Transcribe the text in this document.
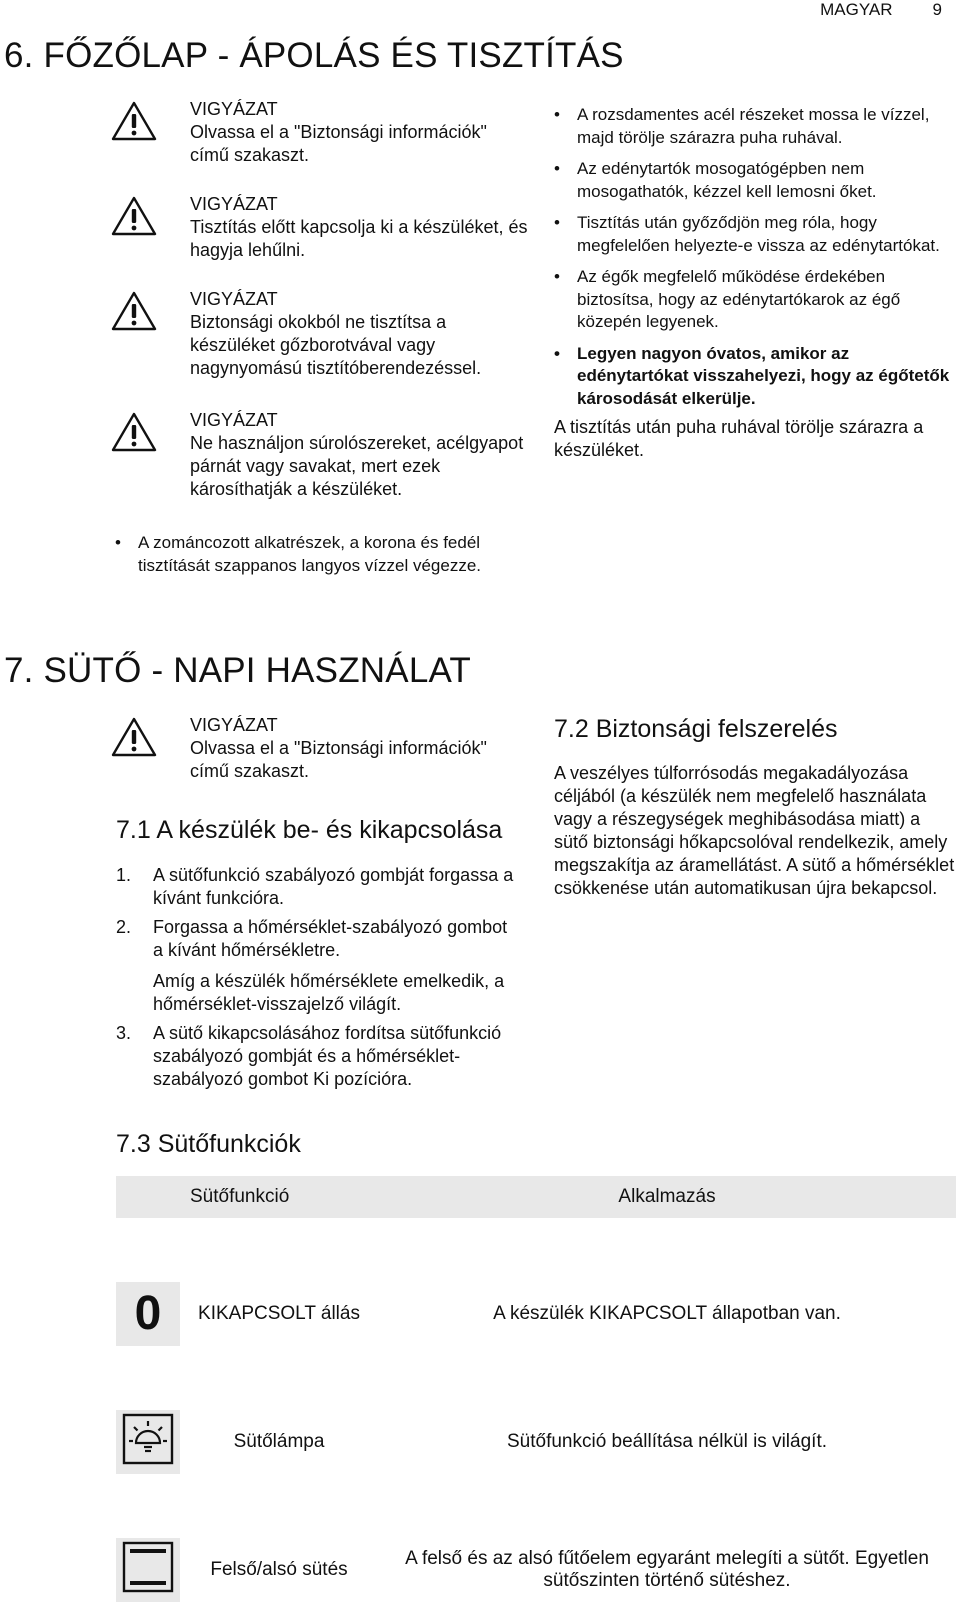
MAGYAR 9
6. FŐZŐLAP - ÁPOLÁS ÉS TISZTÍTÁS
VIGYÁZAT
Olvassa el a "Biztonsági információk" című szakaszt.
VIGYÁZAT
Tisztítás előtt kapcsolja ki a készüléket, és hagyja lehűlni.
VIGYÁZAT
Biztonsági okokból ne tisztítsa a készüléket gőzborotvával vagy nagynyomású tisztítóberendezéssel.
VIGYÁZAT
Ne használjon súrolószereket, acélgyapot párnát vagy savakat, mert ezek károsíthatják a készüléket.
• A zománcozott alkatrészek, a korona és fedél tisztítását szappanos langyos vízzel végezze.
• A rozsdamentes acél részeket mossa le vízzel, majd törölje szárazra puha ruhával.
• Az edénytartók mosogatógépben nem mosogathatók, kézzel kell lemosni őket.
• Tisztítás után győződjön meg róla, hogy megfelelően helyezte-e vissza az edénytartókat.
• Az égők megfelelő működése érdekében biztosítsa, hogy az edénytartókarok az égő közepén legyenek.
• Legyen nagyon óvatos, amikor az edénytartókat visszahelyezi, hogy az égőtetők károsodását elkerülje.
A tisztítás után puha ruhával törölje szárazra a készüléket.
7. SÜTŐ - NAPI HASZNÁLAT
VIGYÁZAT
Olvassa el a "Biztonsági információk" című szakaszt.
7.1 A készülék be- és kikapcsolása
1. A sütőfunkció szabályozó gombját forgassa a kívánt funkcióra.
2. Forgassa a hőmérséklet-szabályozó gombot a kívánt hőmérsékletre.
Amíg a készülék hőmérséklete emelkedik, a hőmérséklet-visszajelző világít.
3. A sütő kikapcsolásához fordítsa sütőfunkció szabályozó gombját és a hőmérséklet-szabályozó gombot Ki pozícióra.
7.2 Biztonsági felszerelés
A veszélyes túlforrósodás megakadályozása céljából (a készülék nem megfelelő használata vagy a részegységek meghibásodása miatt) a sütő biztonsági hőkapcsolóval rendelkezik, amely megszakítja az áramellátást. A sütő a hőmérséklet csökkenése után automatikusan újra bekapcsol.
7.3 Sütőfunkciók
	Sütőfunkció	Alkalmazás

0	KIKAPCSOLT állás	A készülék KIKAPCSOLT állapotban van.

	Sütőlámpa	Sütőfunkció beállítása nélkül is világít.

	Felső/alsó sütés	A felső és az alsó fűtőelem egyaránt melegíti a sütőt. Egyetlen sütőszinten történő sütéshez.
